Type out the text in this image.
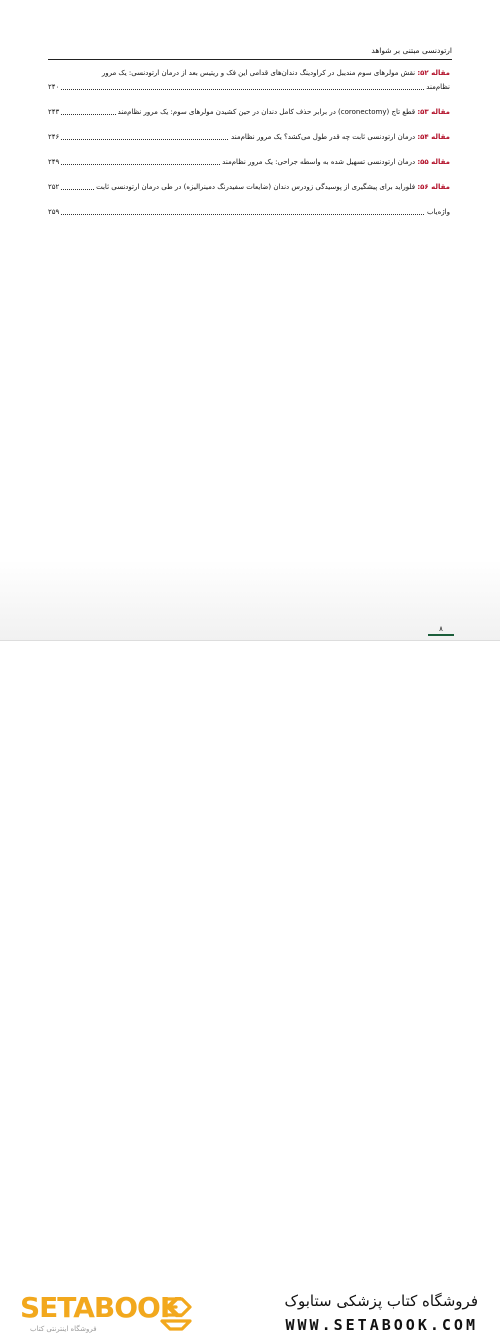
ارتودنسی مبتنی بر شواهد
مقاله ۵۲: نقش مولرهای سوم مندیبل در کراودینگ دندان‌های قدامی این فک و ریتیس بعد از درمان ارتودنسی: یک مرور
نظام‌مند
۲۴۰
مقاله ۵۳: قطع تاج (coronectomy) در برابر حذف کامل دندان در حین کشیدن مولرهای سوم: یک مرور نظام‌مند
۲۴۳
مقاله ۵۴: درمان ارتودنسی ثابت چه قدر طول می‌کشد؟ یک مرور نظام‌مند
۲۴۶
مقاله ۵۵: درمان ارتودنسی تسهیل شده به واسطه جراحی: یک مرور نظام‌مند
۲۴۹
مقاله ۵۶: فلوراید برای پیشگیری از پوسیدگی زودرس دندان (ضایعات سفیدرنگ دمینرالیزه) در طی درمان ارتودنسی ثابت
۲۵۲
واژه‌یاب
۲۵۹
۸
SETABOOK
فروشگاه اینترنتی کتاب
فروشگاه کتاب پزشکی ستابوک
WWW.SETABOOK.COM
